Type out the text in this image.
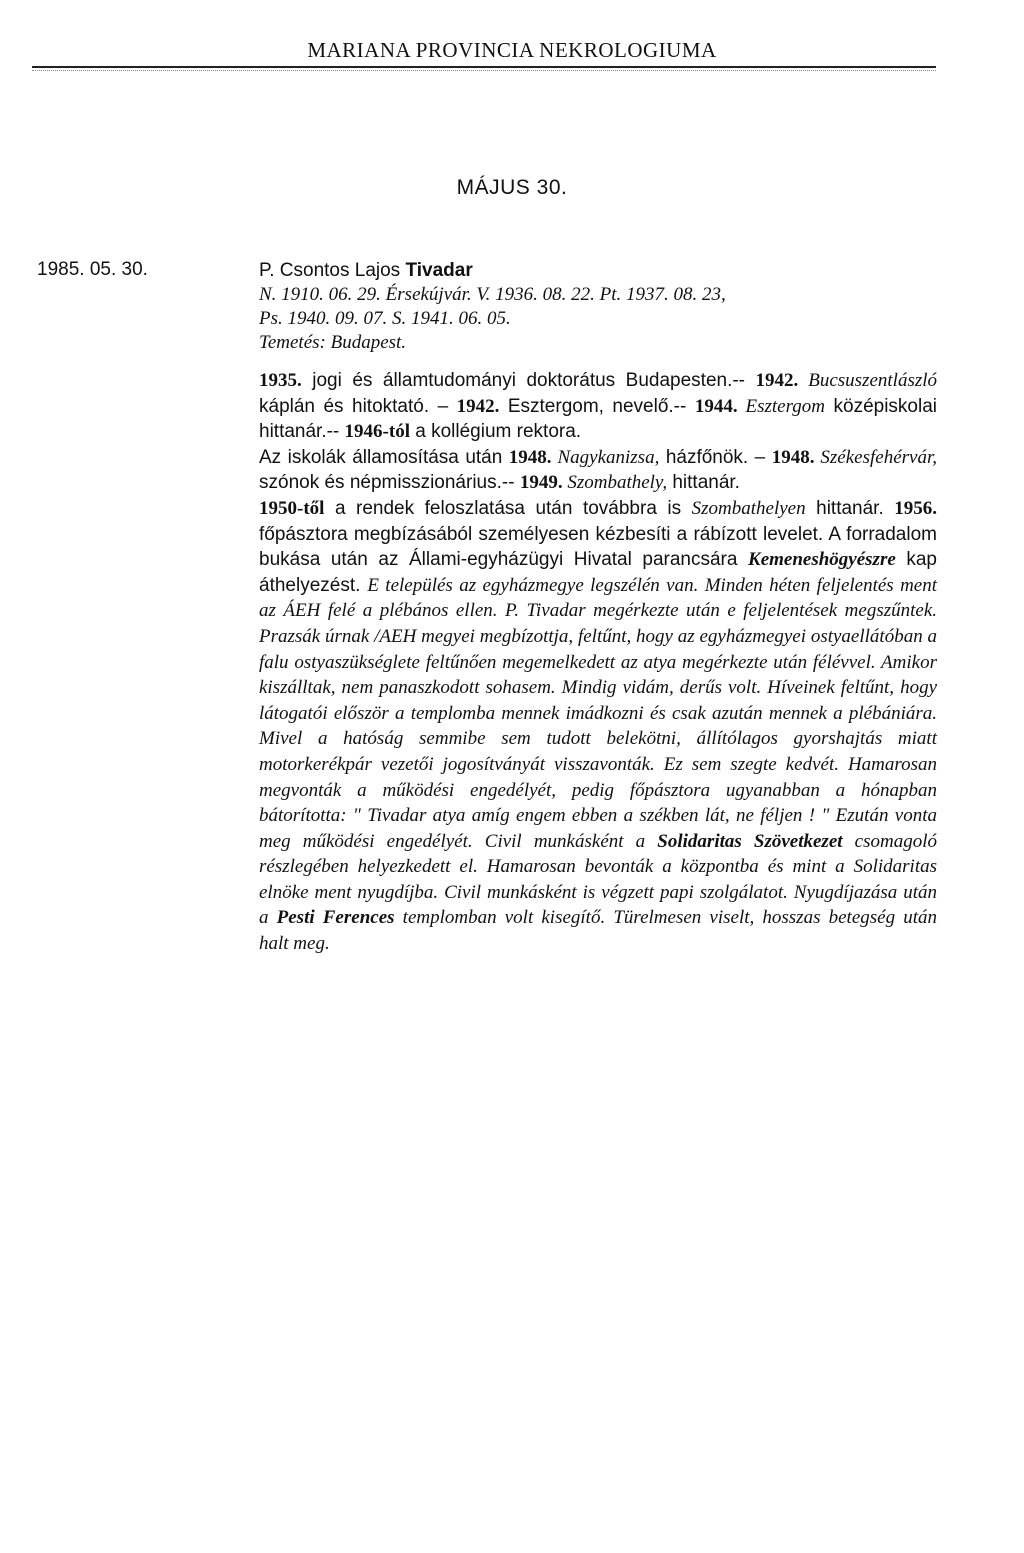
MARIANA PROVINCIA NEKROLOGIUMA
MÁJUS 30.
1985. 05. 30.	P. Csontos Lajos Tivadar
N. 1910. 06. 29. Érsekújvár. V. 1936. 08. 22. Pt. 1937. 08. 23,
Ps. 1940. 09. 07. S. 1941. 06. 05.
Temetés: Budapest.

1935. jogi és államtudományi doktorátus Budapesten.-- 1942. Bucsuszentlászló káplán és hitoktató. – 1942. Esztergom, nevelő.-- 1944. Esztergom középiskolai hittanár.-- 1946-tól a kollégium rektora.

Az iskolák államosítása után 1948. Nagykanizsa, házfőnök. – 1948. Székesfehérvár, szónok és népmisszionárius.-- 1949. Szombathely, hittanár.

1950-től a rendek feloszlatása után továbbra is Szombathelyen hittanár. 1956. főpásztora megbízásából személyesen kézbesíti a rábízott levelet. A forradalom bukása után az Állami-egyházügyi Hivatal parancsára Kemeneshögyészre kap áthelyezést. E település az egyházmegye legszélén van. Minden héten feljelentés ment az ÁEH felé a plébános ellen. P. Tivadar megérkezte után e feljelentések megszűntek. Prazsák úrnak /AEH megyei megbízottja, feltűnt, hogy az egyházmegyei ostyaellátóban a falu ostyaszükséglete feltűnően megemelkedett az atya megérkezte után félévvel. Amikor kiszálltak, nem panaszkodott sohasem. Mindig vidám, derűs volt. Híveinek feltűnt, hogy látogatói először a templomba mennek imádkozni és csak azután mennek a plébániára. Mivel a hatóság semmibe sem tudott belekötni, állítólagos gyorshajtás miatt motorkerékpár vezetői jogosítványát visszavonták. Ez sem szegte kedvét. Hamarosan megvonták a működési engedélyét, pedig főpásztora ugyanabban a hónapban bátorította: " Tivadar atya amíg engem ebben a székben lát, ne féljen ! " Ezután vonta meg működési engedélyét. Civil munkásként a Solidaritas Szövetkezet csomagoló részlegében helyezkedett el. Hamarosan bevonták a központba és mint a Solidaritas elnöke ment nyugdíjba. Civil munkásként is végzett papi szolgálatot. Nyugdíjazása után a Pesti Ferences templomban volt kisegítő. Türelmesen viselt, hosszas betegség után halt meg.
